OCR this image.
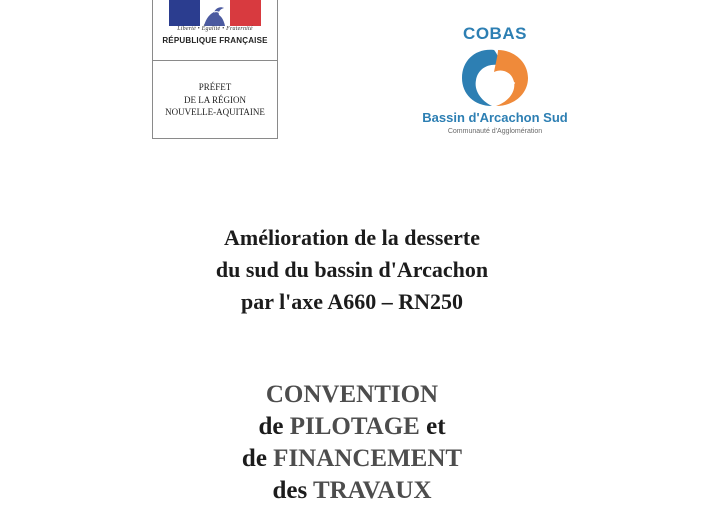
Liberté • Égalité • Fraternité
RÉPUBLIQUE FRANÇAISE
PRÉFET
DE LA RÉGION
NOUVELLE-AQUITAINE
COBAS
Bassin d'Arcachon Sud
Communauté d'Agglomération
Amélioration de la desserte
du sud du bassin d'Arcachon
par l'axe A660 – RN250
CONVENTION
de PILOTAGE et
de FINANCEMENT
des TRAVAUX
